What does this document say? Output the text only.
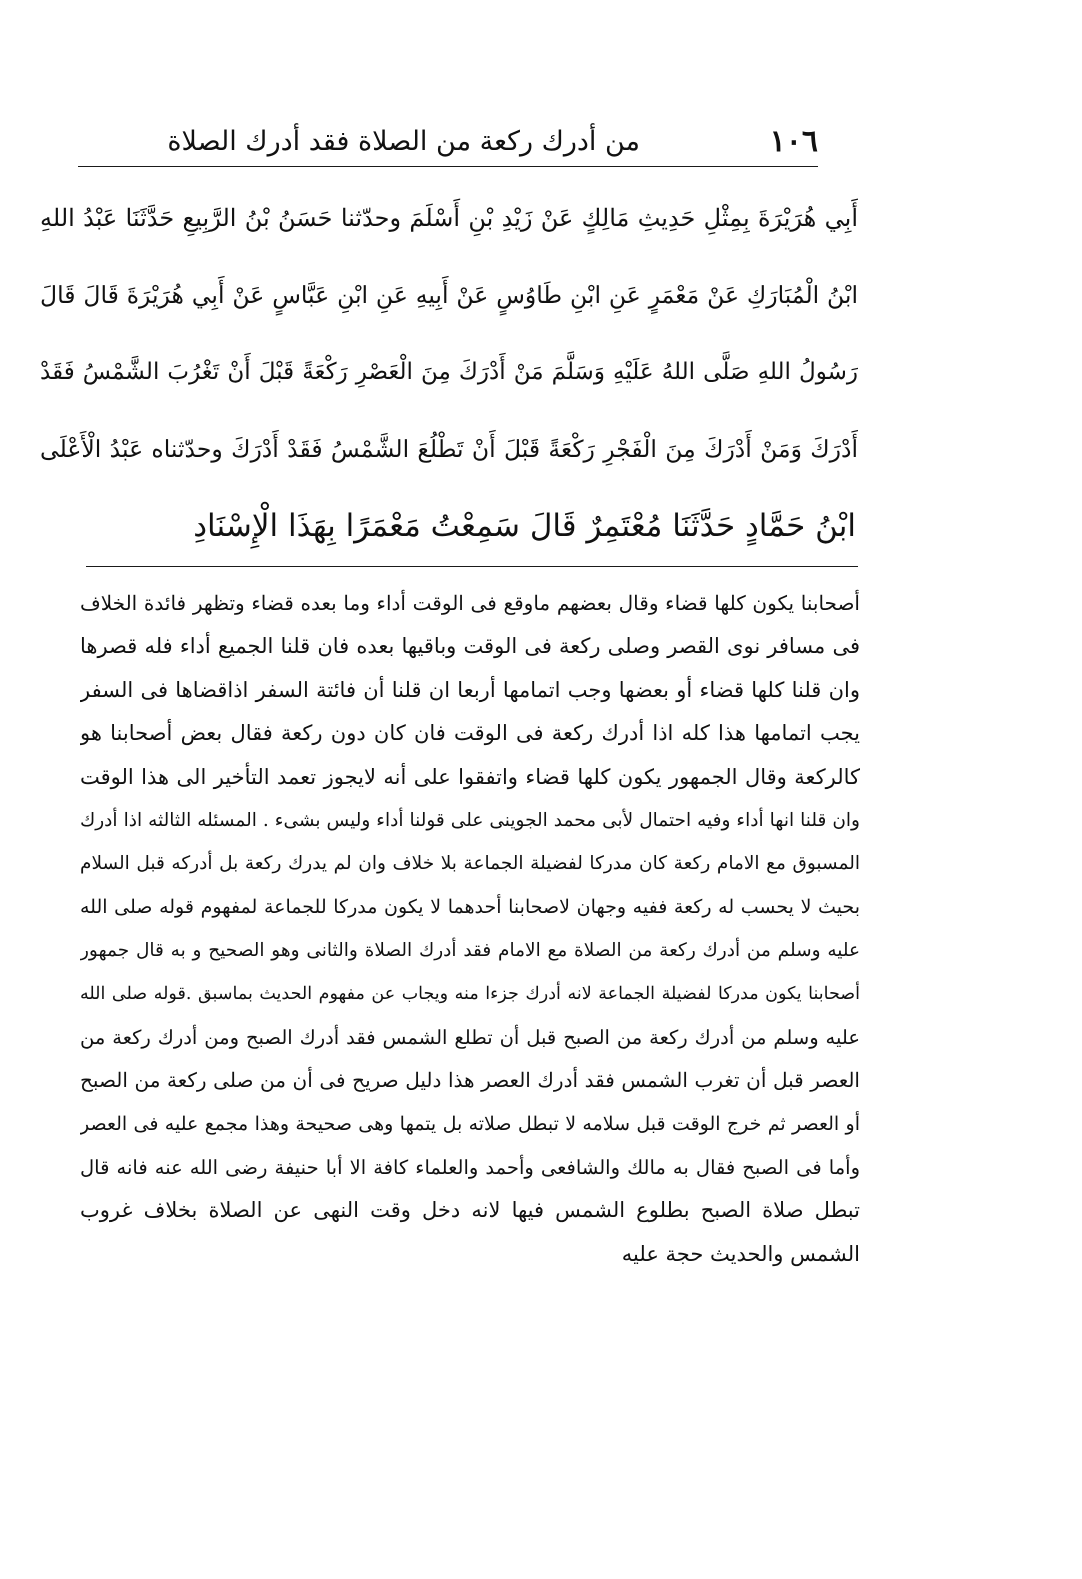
١٠٦
من أدرك ركعة من الصلاة فقد أدرك الصلاة
أَبِي هُرَيْرَةَ بِمِثْلِ حَدِيثِ مَالِكٍ عَنْ زَيْدِ بْنِ أَسْلَمَ وحدّثنا حَسَنُ بْنُ الرَّبِيعِ حَدَّثَنَا عَبْدُ اللهِ
ابْنُ الْمُبَارَكِ عَنْ مَعْمَرٍ عَنِ ابْنِ طَاوُسٍ عَنْ أَبِيهِ عَنِ ابْنِ عَبَّاسٍ عَنْ أَبِي هُرَيْرَةَ قَالَ قَالَ
رَسُولُ اللهِ صَلَّى اللهُ عَلَيْهِ وَسَلَّمَ مَنْ أَدْرَكَ مِنَ الْعَصْرِ رَكْعَةً قَبْلَ أَنْ تَغْرُبَ الشَّمْسُ فَقَدْ
أَدْرَكَ وَمَنْ أَدْرَكَ مِنَ الْفَجْرِ رَكْعَةً قَبْلَ أَنْ تَطْلُعَ الشَّمْسُ فَقَدْ أَدْرَكَ وحدّثناه عَبْدُ الْأَعْلَى
ابْنُ حَمَّادٍ حَدَّثَنَا مُعْتَمِرٌ قَالَ سَمِعْتُ مَعْمَرًا بِهَذَا الْإِسْنَادِ
أصحابنا يكون كلها قضاء وقال بعضهم ماوقع فى الوقت أداء وما بعده قضاء وتظهر فائدة الخلاف
فى مسافر نوى القصر وصلى ركعة فى الوقت وباقيها بعده فان قلنا الجميع أداء فله قصرها
وان قلنا كلها قضاء أو بعضها وجب اتمامها أربعا ان قلنا أن فائتة السفر اذاقضاها فى السفر
يجب اتمامها هذا كله اذا أدرك ركعة فى الوقت فان كان دون ركعة فقال بعض أصحابنا هو
كالركعة وقال الجمهور يكون كلها قضاء واتفقوا على أنه لايجوز تعمد التأخير الى هذا الوقت
وان قلنا انها أداء وفيه احتمال لأبى محمد الجوينى على قولنا أداء وليس بشىء . المسئله الثالثه اذا أدرك
المسبوق مع الامام ركعة كان مدركا لفضيلة الجماعة بلا خلاف وان لم يدرك ركعة بل أدركه قبل السلام
بحيث لا يحسب له ركعة ففيه وجهان لاصحابنا أحدهما لا يكون مدركا للجماعة لمفهوم قوله صلى الله
عليه وسلم من أدرك ركعة من الصلاة مع الامام فقد أدرك الصلاة والثانى وهو الصحيح و به قال جمهور
أصحابنا يكون مدركا لفضيلة الجماعة لانه أدرك جزءا منه ويجاب عن مفهوم الحديث بماسبق .قوله صلى الله
عليه وسلم من أدرك ركعة من الصبح قبل أن تطلع الشمس فقد أدرك الصبح ومن أدرك ركعة من
العصر قبل أن تغرب الشمس فقد أدرك العصر هذا دليل صريح فى أن من صلى ركعة من الصبح
أو العصر ثم خرج الوقت قبل سلامه لا تبطل صلاته بل يتمها وهى صحيحة وهذا مجمع عليه فى العصر
وأما فى الصبح فقال به مالك والشافعى وأحمد والعلماء كافة الا أبا حنيفة رضى الله عنه فانه قال
تبطل صلاة الصبح بطلوع الشمس فيها لانه دخل وقت النهى عن الصلاة بخلاف غروب
الشمس والحديث حجة عليه
